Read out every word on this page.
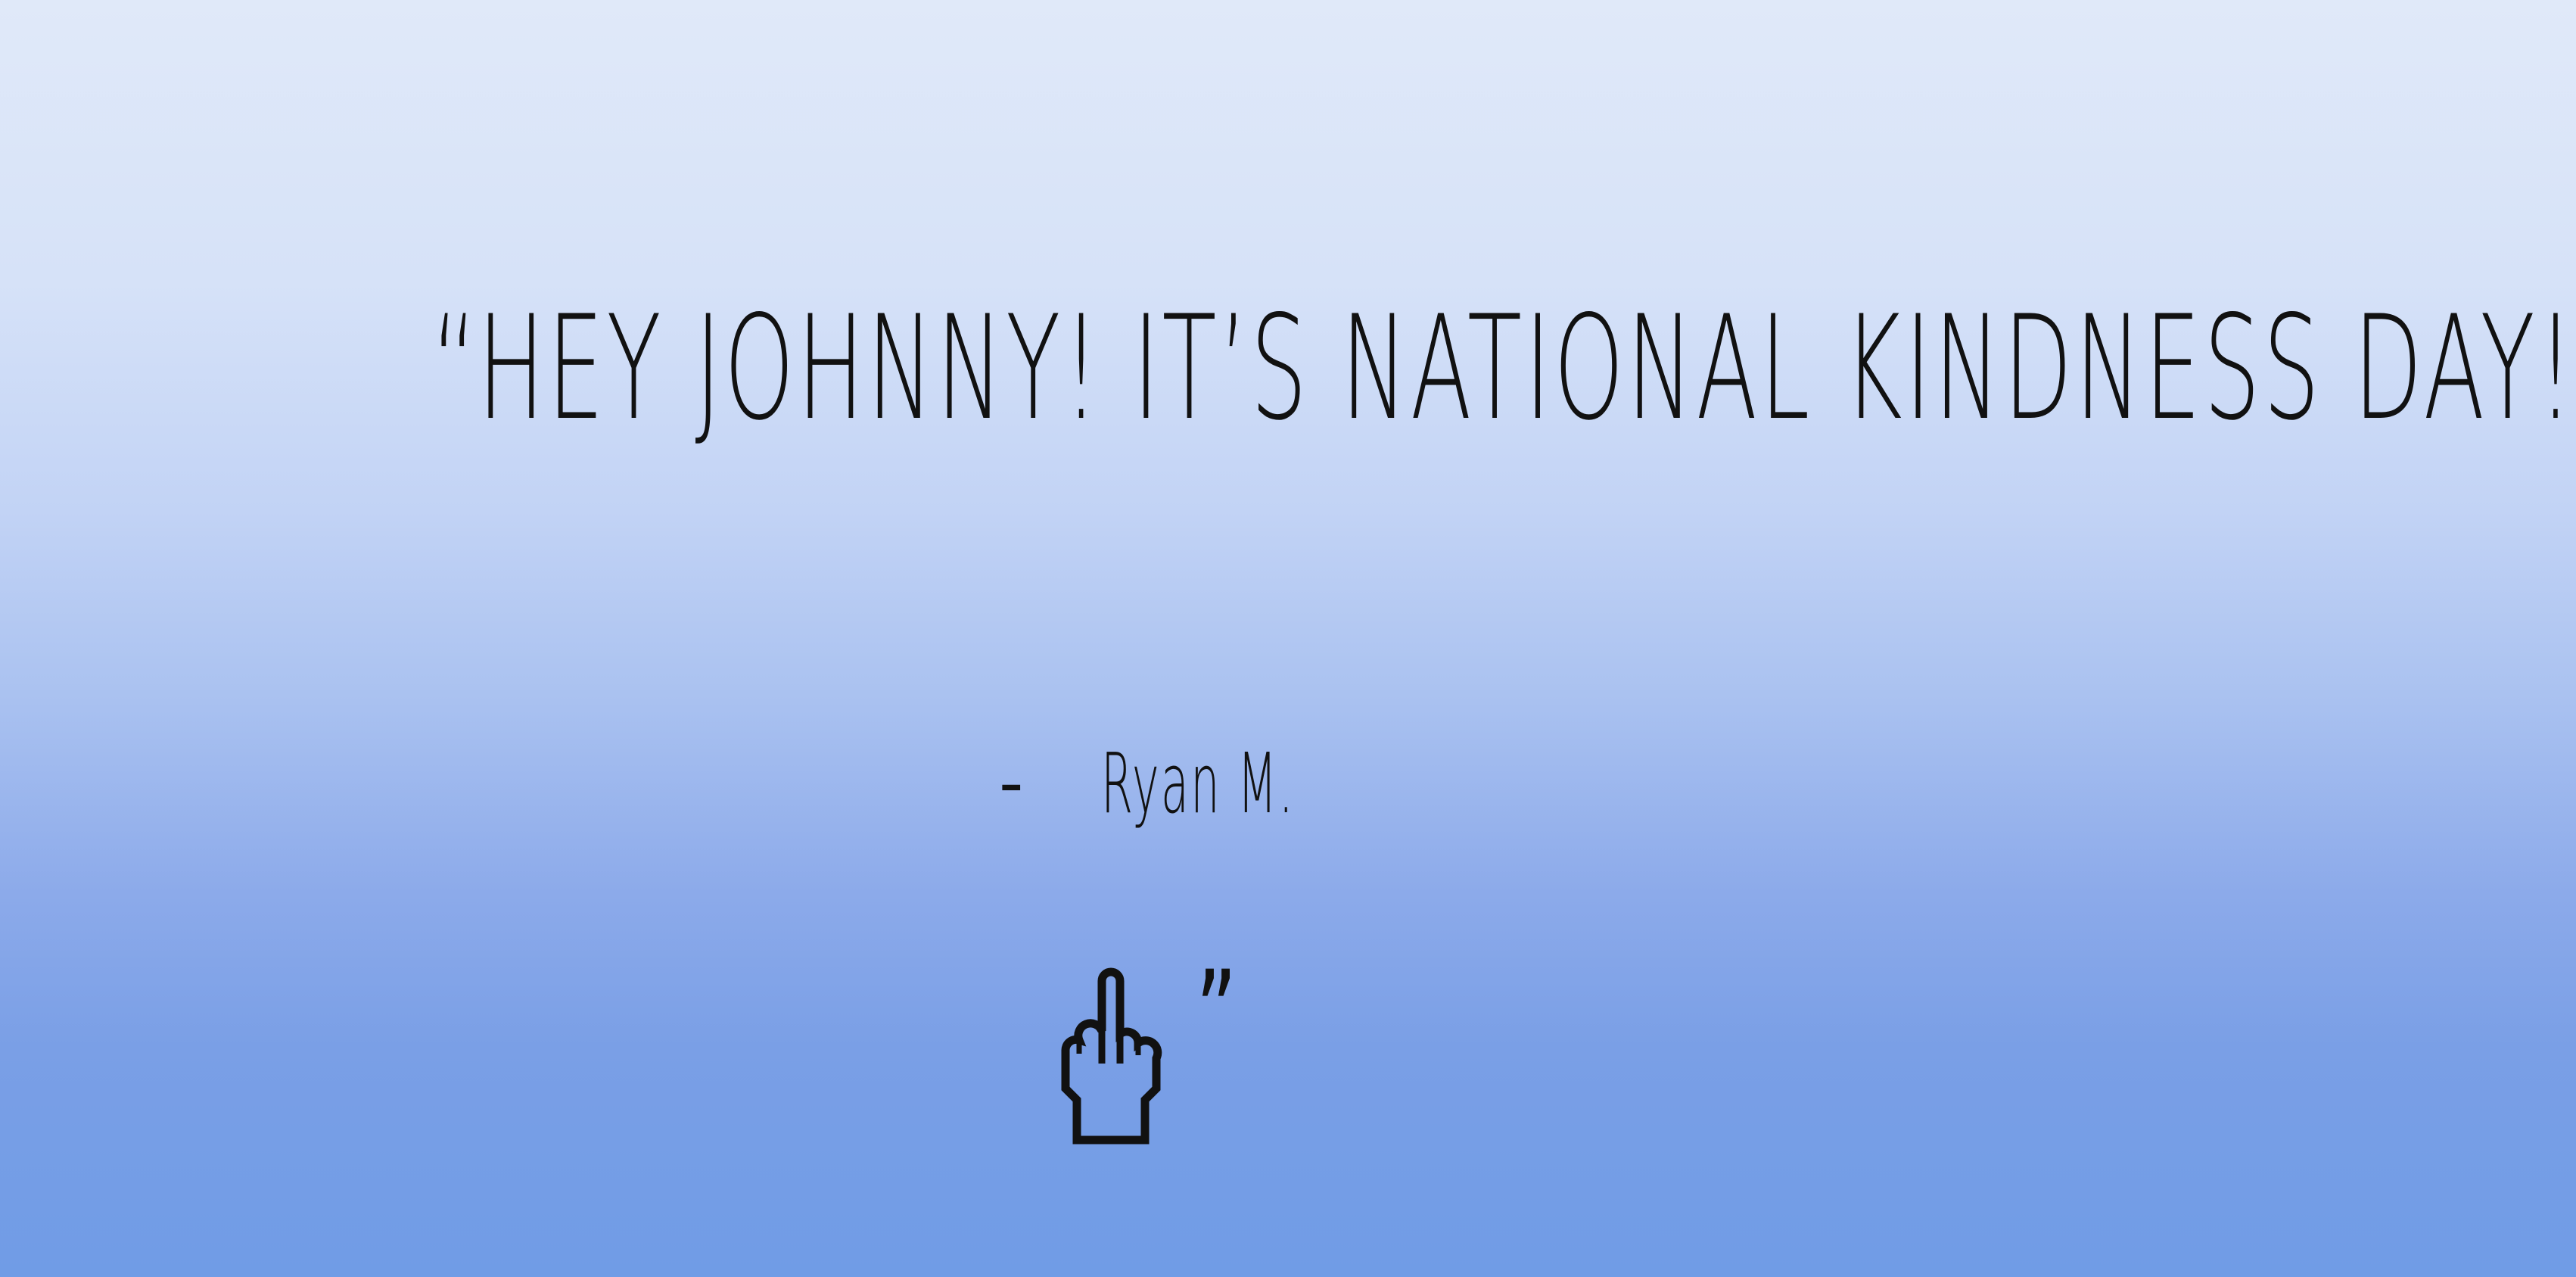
“HEY JOHNNY! IT’S NATIONAL KINDNESS DAY!
”
- Ryan M.
